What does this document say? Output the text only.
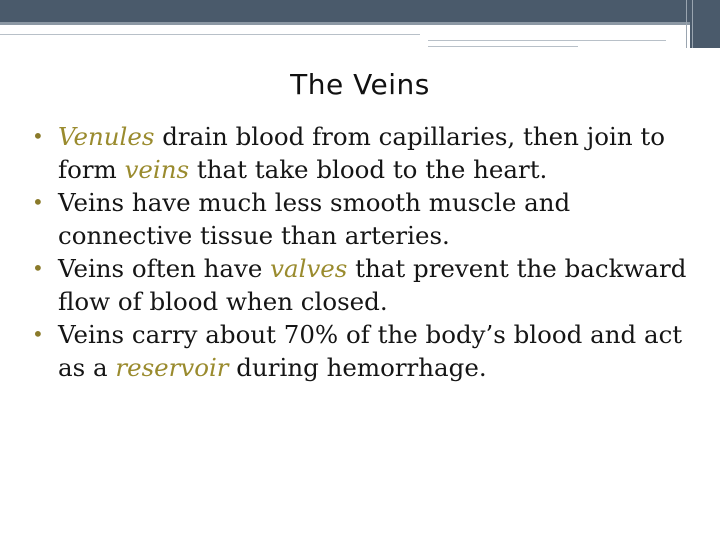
The Veins
• Venules drain blood from capillaries, then join to form veins that take blood to the heart.
• Veins have much less smooth muscle and connective tissue than arteries.
• Veins often have valves that prevent the backward flow of blood when closed.
• Veins carry about 70% of the body’s blood and act as a reservoir during hemorrhage.
